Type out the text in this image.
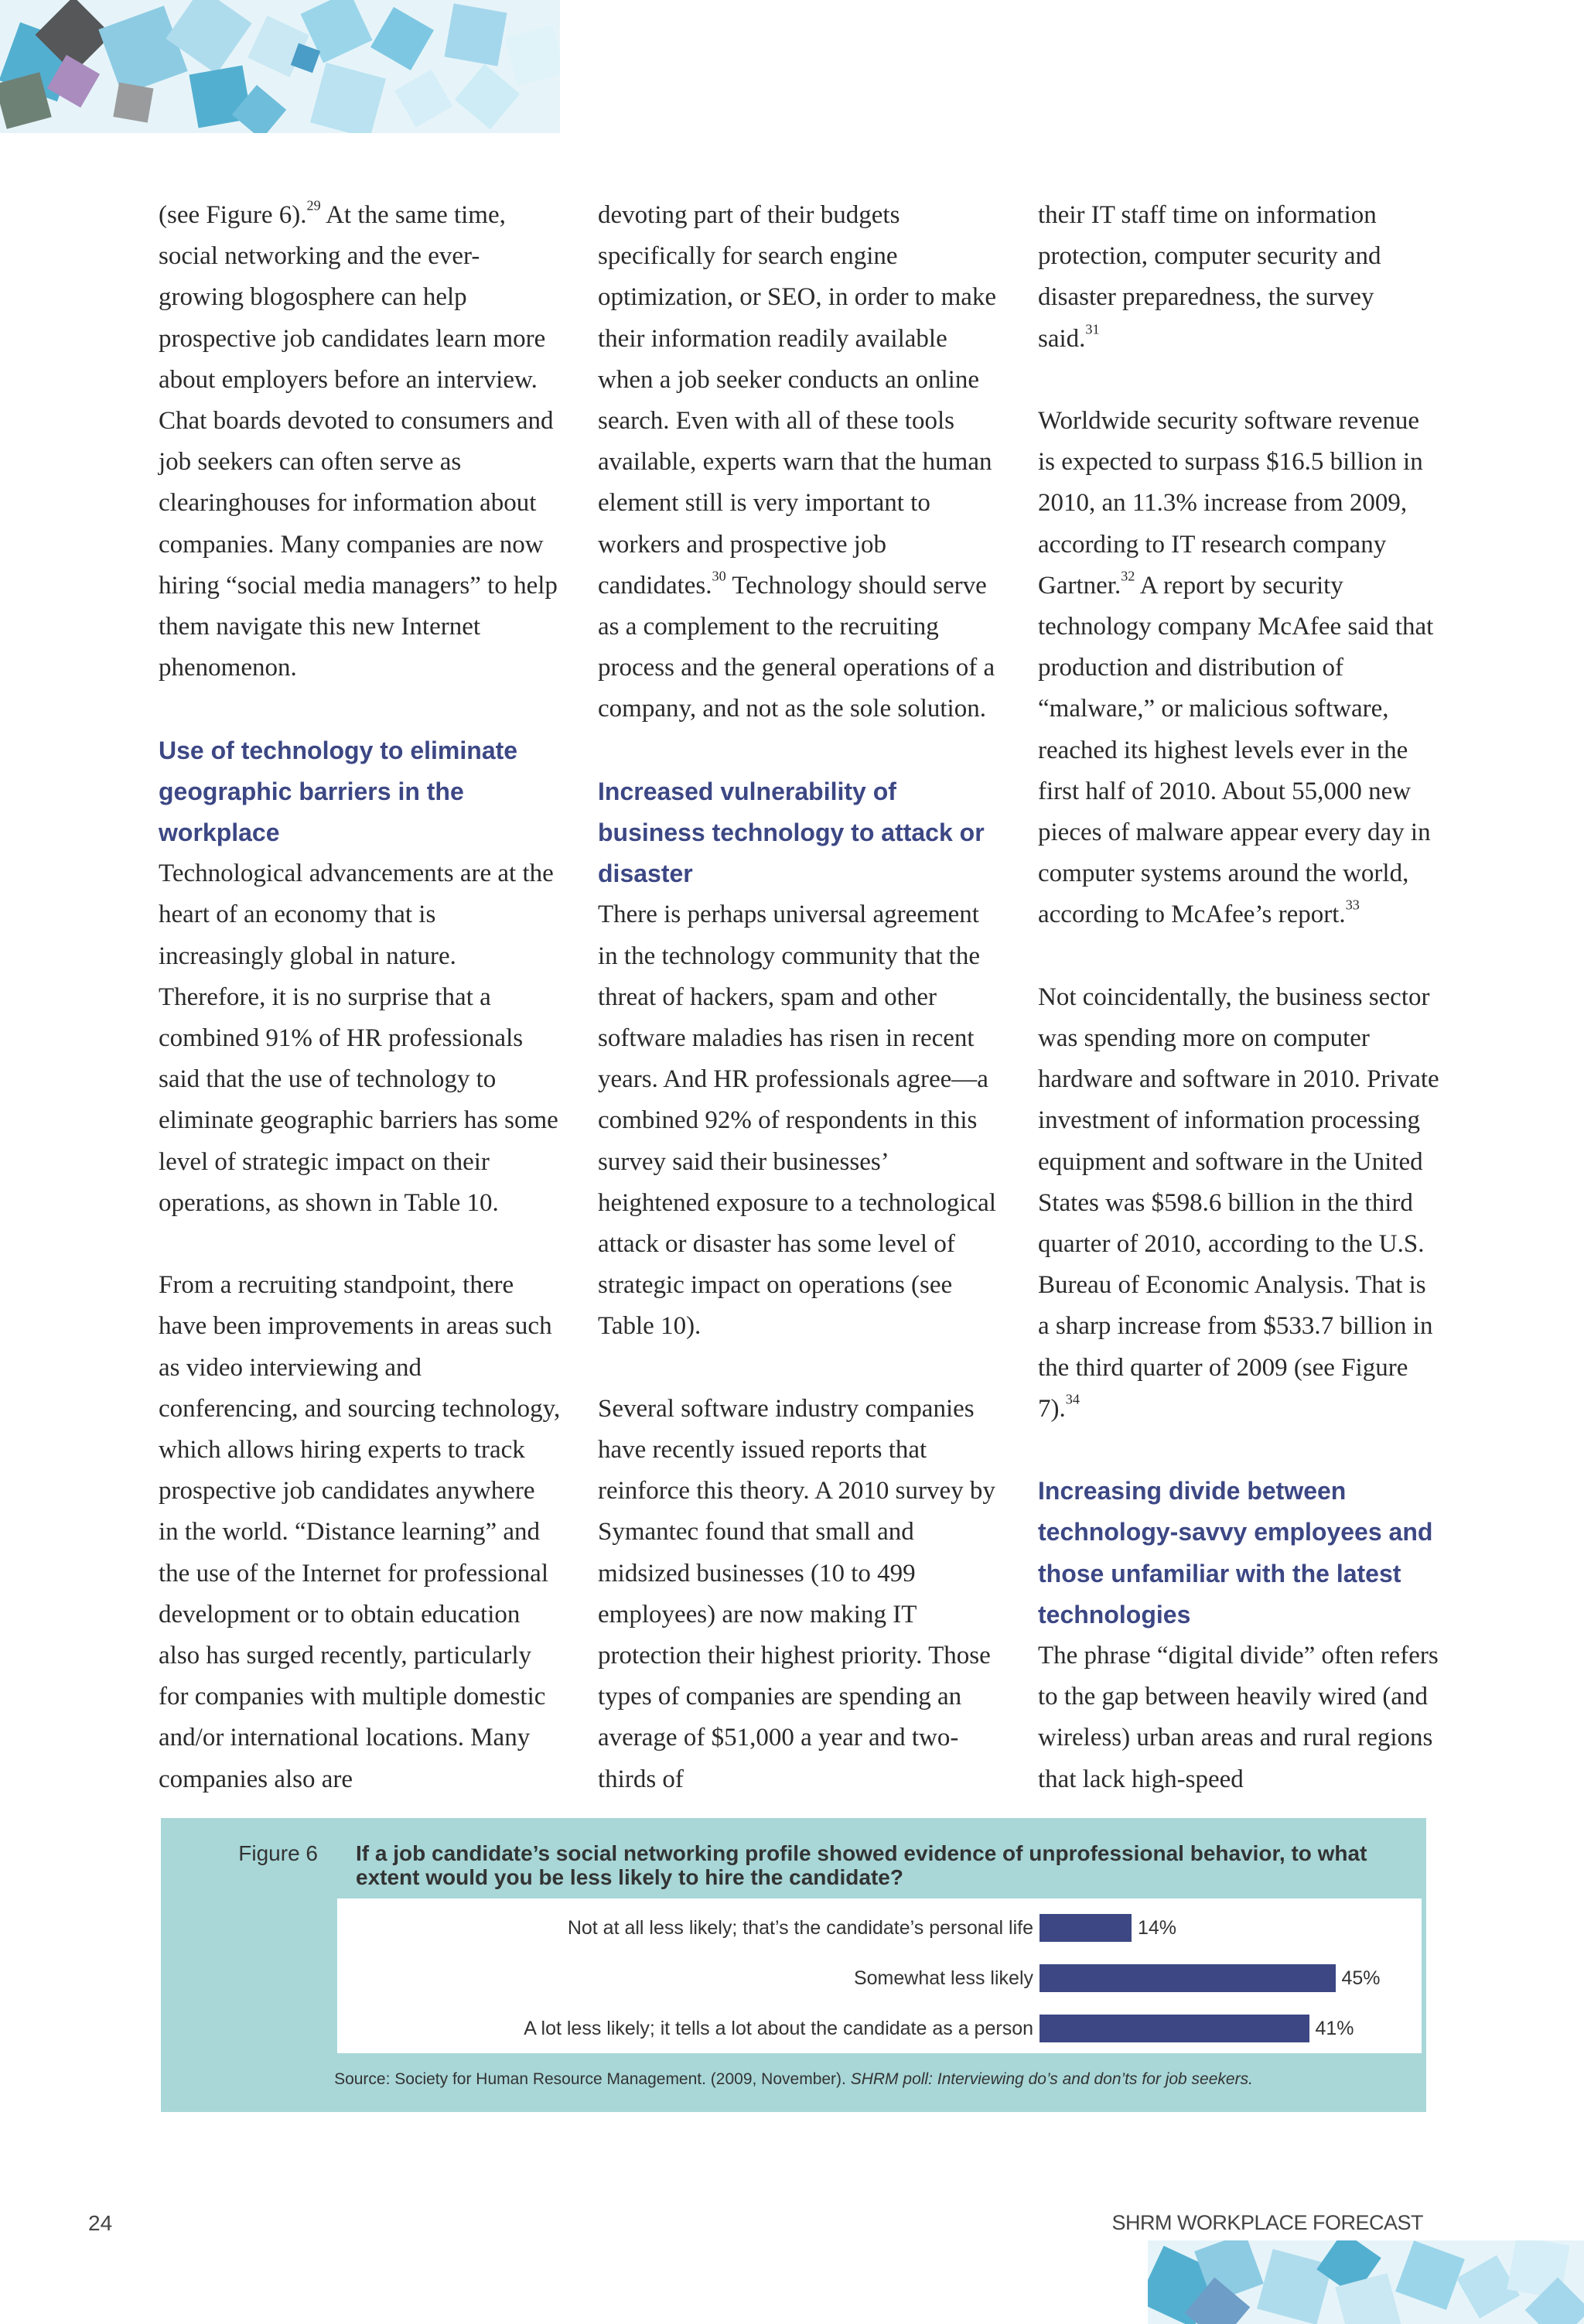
(see Figure 6).$^{29}$ At the same time, social networking and the ever-growing blogosphere can help prospective job candidates learn more about employers before an interview. Chat boards devoted to consumers and job seekers can often serve as clearinghouses for information about companies. Many companies are now hiring “social media managers” to help them navigate this new Internet phenomenon.

Use of technology to eliminate geographic barriers in the workplace

Technological advancements are at the heart of an economy that is increasingly global in nature. Therefore, it is no surprise that a combined 91% of HR professionals said that the use of technology to eliminate geographic barriers has some level of strategic impact on their operations, as shown in Table 10.

From a recruiting standpoint, there have been improvements in areas such as video interviewing and conferencing, and sourcing technology, which allows hiring experts to track prospective job candidates anywhere in the world. “Distance learning” and the use of the Internet for professional development or to obtain education also has surged recently, particularly for companies with multiple domestic and/or international locations. Many companies also are

devoting part of their budgets specifically for search engine optimization, or SEO, in order to make their information readily available when a job seeker conducts an online search. Even with all of these tools available, experts warn that the human element still is very important to workers and prospective job candidates.$^{30}$ Technology should serve as a complement to the recruiting process and the general operations of a company, and not as the sole solution.

Increased vulnerability of business technology to attack or disaster

There is perhaps universal agreement in the technology community that the threat of hackers, spam and other software maladies has risen in recent years. And HR professionals agree—a combined 92% of respondents in this survey said their businesses’ heightened exposure to a technological attack or disaster has some level of strategic impact on operations (see Table 10).

Several software industry companies have recently issued reports that reinforce this theory. A 2010 survey by Symantec found that small and midsized businesses (10 to 499 employees) are now making IT protection their highest priority. Those types of companies are spending an average of $51,000 a year and two-thirds of

their IT staff time on information protection, computer security and disaster preparedness, the survey said.$^{31}$

Worldwide security software revenue is expected to surpass $16.5 billion in 2010, an 11.3% increase from 2009, according to IT research company Gartner.$^{32}$ A report by security technology company McAfee said that production and distribution of “malware,” or malicious software, reached its highest levels ever in the first half of 2010. About 55,000 new pieces of malware appear every day in computer systems around the world, according to McAfee’s report.$^{33}$

Not coincidentally, the business sector was spending more on computer hardware and software in 2010. Private investment of information processing equipment and software in the United States was $598.6 billion in the third quarter of 2010, according to the U.S. Bureau of Economic Analysis. That is a sharp increase from $533.7 billion in the third quarter of 2009 (see Figure 7).$^{34}$

Increasing divide between technology-savvy employees and those unfamiliar with the latest technologies

The phrase “digital divide” often refers to the gap between heavily wired (and wireless) urban areas and rural regions that lack high-speed

Figure 6 If a job candidate’s social networking profile showed evidence of unprofessional behavior, to what extent would you be less likely to hire the candidate?
Not at all less likely; that’s the candidate’s personal life	14%
Somewhat less likely	45%
A lot less likely; it tells a lot about the candidate as a person	41%
Source: Society for Human Resource Management. (2009, November). SHRM poll: Interviewing do’s and don’ts for job seekers.
24	SHRM WORKPLACE FORECAST
